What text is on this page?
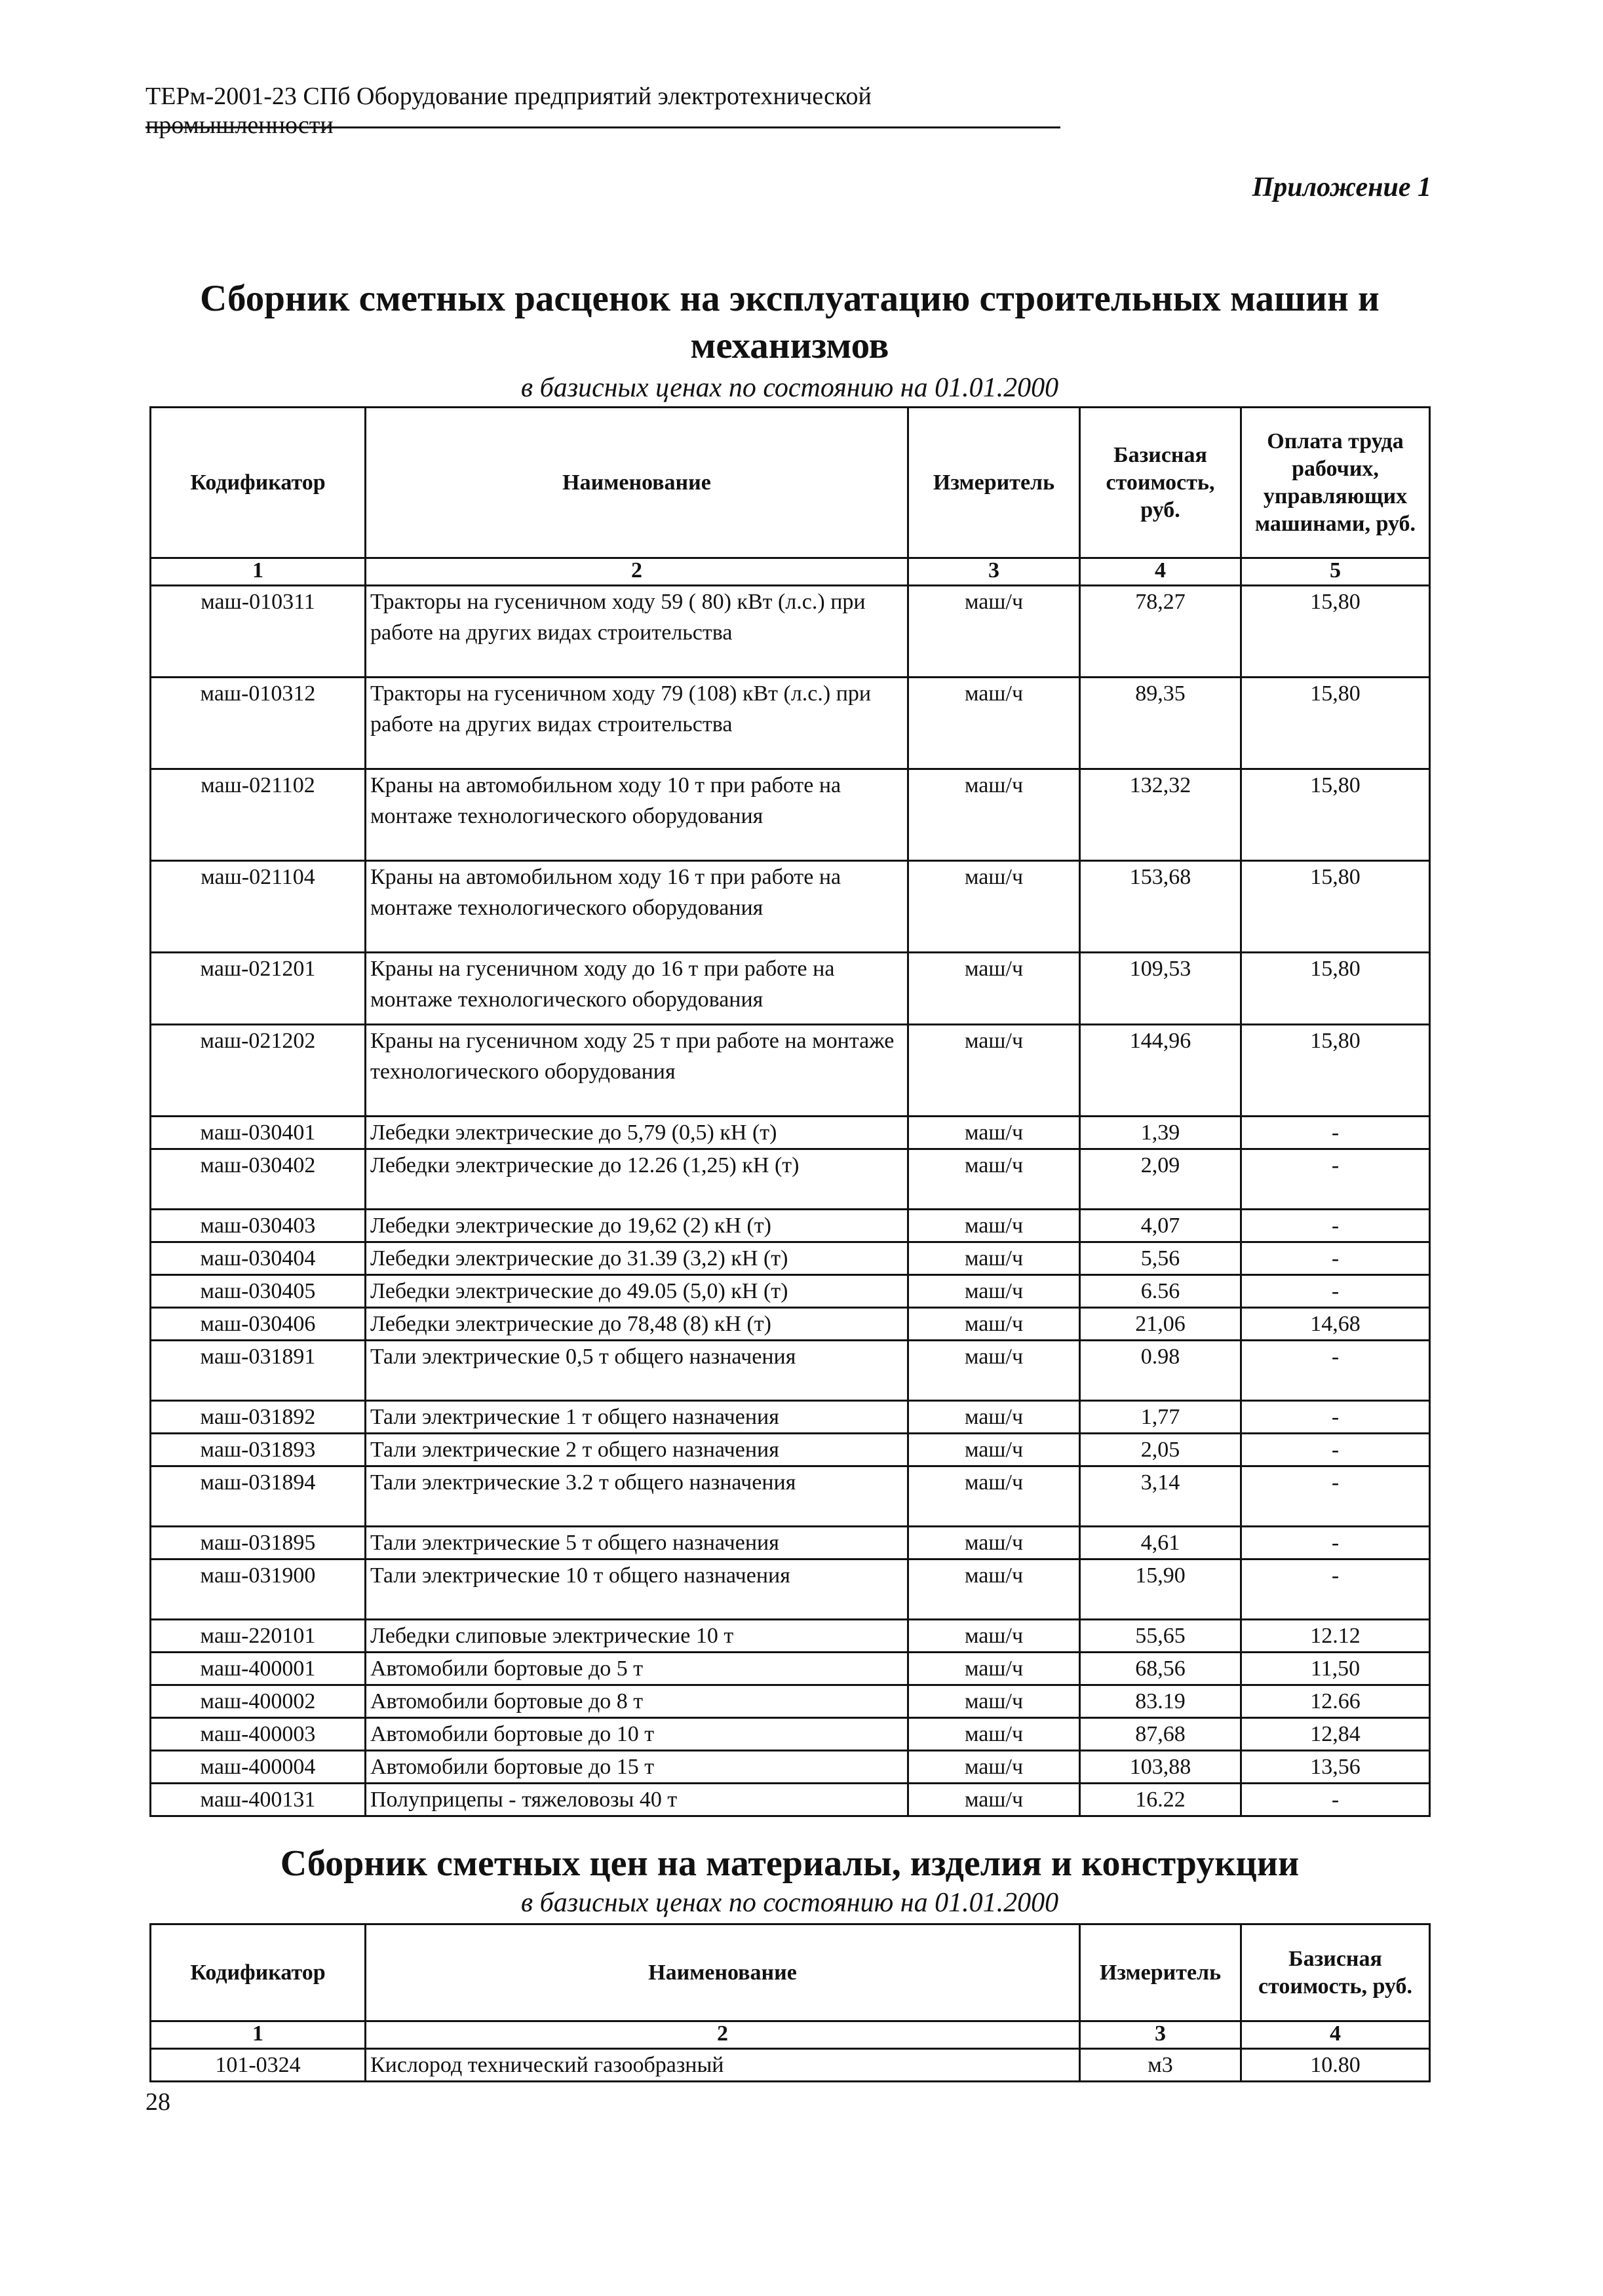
ТЕРм-2001-23 СПб Оборудование предприятий электротехнической промышленности
Приложение 1
Сборник сметных расценок на эксплуатацию строительных машин и механизмов
в базисных ценах по состоянию на 01.01.2000
Кодификатор	Наименование	Измеритель	Базисная стоимость, руб.	Оплата труда рабочих, управляющих машинами, руб.
1	2	3	4	5
маш-010311	Тракторы на гусеничном ходу 59 ( 80) кВт (л.с.) при работе на других видах строительства	маш/ч	78,27	15,80
маш-010312	Тракторы на гусеничном ходу 79 (108) кВт (л.с.) при работе на других видах строительства	маш/ч	89,35	15,80
маш-021102	Краны на автомобильном ходу 10 т при работе на монтаже технологического оборудования	маш/ч	132,32	15,80
маш-021104	Краны на автомобильном ходу 16 т при работе на монтаже технологического оборудования	маш/ч	153,68	15,80
маш-021201	Краны на гусеничном ходу до 16 т при работе на монтаже технологического оборудования	маш/ч	109,53	15,80
маш-021202	Краны на гусеничном ходу 25 т при работе на монтаже технологического оборудования	маш/ч	144,96	15,80
маш-030401	Лебедки электрические до 5,79 (0,5) кН (т)	маш/ч	1,39	-
маш-030402	Лебедки электрические до 12.26 (1,25) кН (т)	маш/ч	2,09	-
маш-030403	Лебедки электрические до 19,62 (2) кН (т)	маш/ч	4,07	-
маш-030404	Лебедки электрические до 31.39 (3,2) кН (т)	маш/ч	5,56	-
маш-030405	Лебедки электрические до 49.05 (5,0) кН (т)	маш/ч	6.56	-
маш-030406	Лебедки электрические до 78,48 (8) кН (т)	маш/ч	21,06	14,68
маш-031891	Тали электрические 0,5 т общего назначения	маш/ч	0.98	-
маш-031892	Тали электрические 1 т общего назначения	маш/ч	1,77	-
маш-031893	Тали электрические 2 т общего назначения	маш/ч	2,05	-
маш-031894	Тали электрические 3.2 т общего назначения	маш/ч	3,14	-
маш-031895	Тали электрические 5 т общего назначения	маш/ч	4,61	-
маш-031900	Тали электрические 10 т общего назначения	маш/ч	15,90	-
маш-220101	Лебедки слиповые электрические 10 т	маш/ч	55,65	12.12
маш-400001	Автомобили бортовые до 5 т	маш/ч	68,56	11,50
маш-400002	Автомобили бортовые до 8 т	маш/ч	83.19	12.66
маш-400003	Автомобили бортовые до 10 т	маш/ч	87,68	12,84
маш-400004	Автомобили бортовые до 15 т	маш/ч	103,88	13,56
маш-400131	Полуприцепы - тяжеловозы 40 т	маш/ч	16.22	-
Сборник сметных цен на материалы, изделия и конструкции
в базисных ценах по состоянию на 01.01.2000
Кодификатор	Наименование	Измеритель	Базисная стоимость, руб.
1	2	3	4
101-0324	Кислород технический газообразный	м3	10.80
28
